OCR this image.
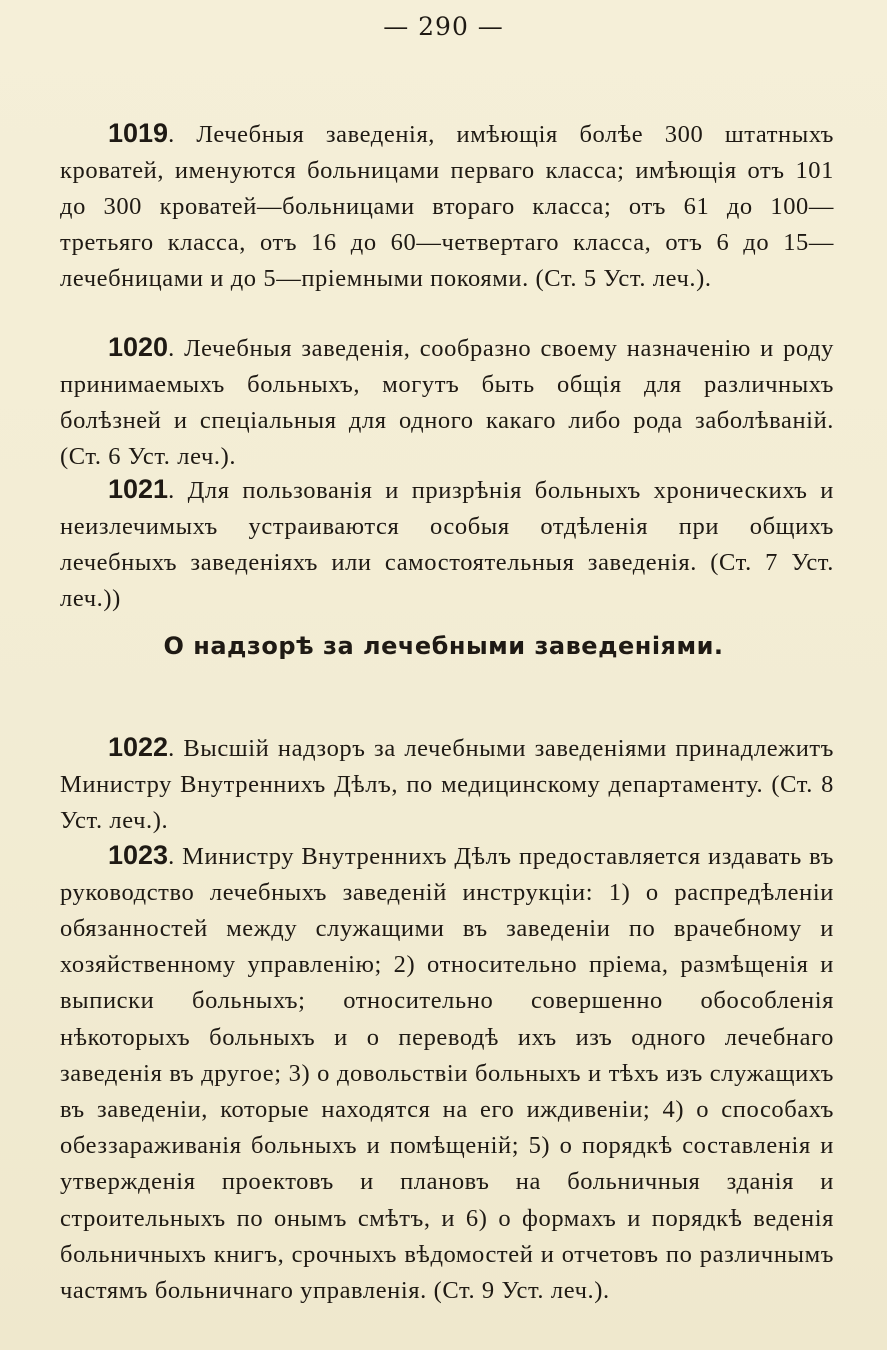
— 290 —

1019. Лечебныя заведенія, имѣющія болѣе 300 штатныхъ кроватей, именуются больницами перваго класса; имѣющія отъ 101 до 300 кроватей—больницами втораго класса; отъ 61 до 100—третьяго класса, отъ 16 до 60—четвертаго класса, отъ 6 до 15—лечебницами и до 5—пріемными покоями. (Ст. 5 Уст. леч.).

1020. Лечебныя заведенія, сообразно своему назначенію и роду принимаемыхъ больныхъ, могутъ быть общія для различныхъ болѣзней и спеціальныя для одного какаго либо рода заболѣваній. (Ст. 6 Уст. леч.).

1021. Для пользованія и призрѣнія больныхъ хроническихъ и неизлечимыхъ устраиваются особыя отдѣленія при общихъ лечебныхъ заведеніяхъ или самостоятельныя заведенія. (Ст. 7 Уст. леч.))

О надзорѣ за лечебными заведеніями.

1022. Высшій надзоръ за лечебными заведеніями принадлежитъ Министру Внутреннихъ Дѣлъ, по медицинскому департаменту. (Ст. 8 Уст. леч.).

1023. Министру Внутреннихъ Дѣлъ предоставляется издавать въ руководство лечебныхъ заведеній инструкціи: 1) о распредѣленіи обязанностей между служащими въ заведеніи по врачебному и хозяйственному управленію; 2) относительно пріема, размѣщенія и выписки больныхъ; относительно совершенно обособленія нѣкоторыхъ больныхъ и о переводѣ ихъ изъ одного лечебнаго заведенія въ другое; 3) о довольствіи больныхъ и тѣхъ изъ служащихъ въ заведеніи, которые находятся на его иждивеніи; 4) о способахъ обеззараживанія больныхъ и помѣщеній; 5) о порядкѣ составленія и утвержденія проектовъ и плановъ на больничныя зданія и строительныхъ по онымъ смѣтъ, и 6) о формахъ и порядкѣ веденія больничныхъ книгъ, срочныхъ вѣдомостей и отчетовъ по различнымъ частямъ больничнаго управленія. (Ст. 9 Уст. леч.).
